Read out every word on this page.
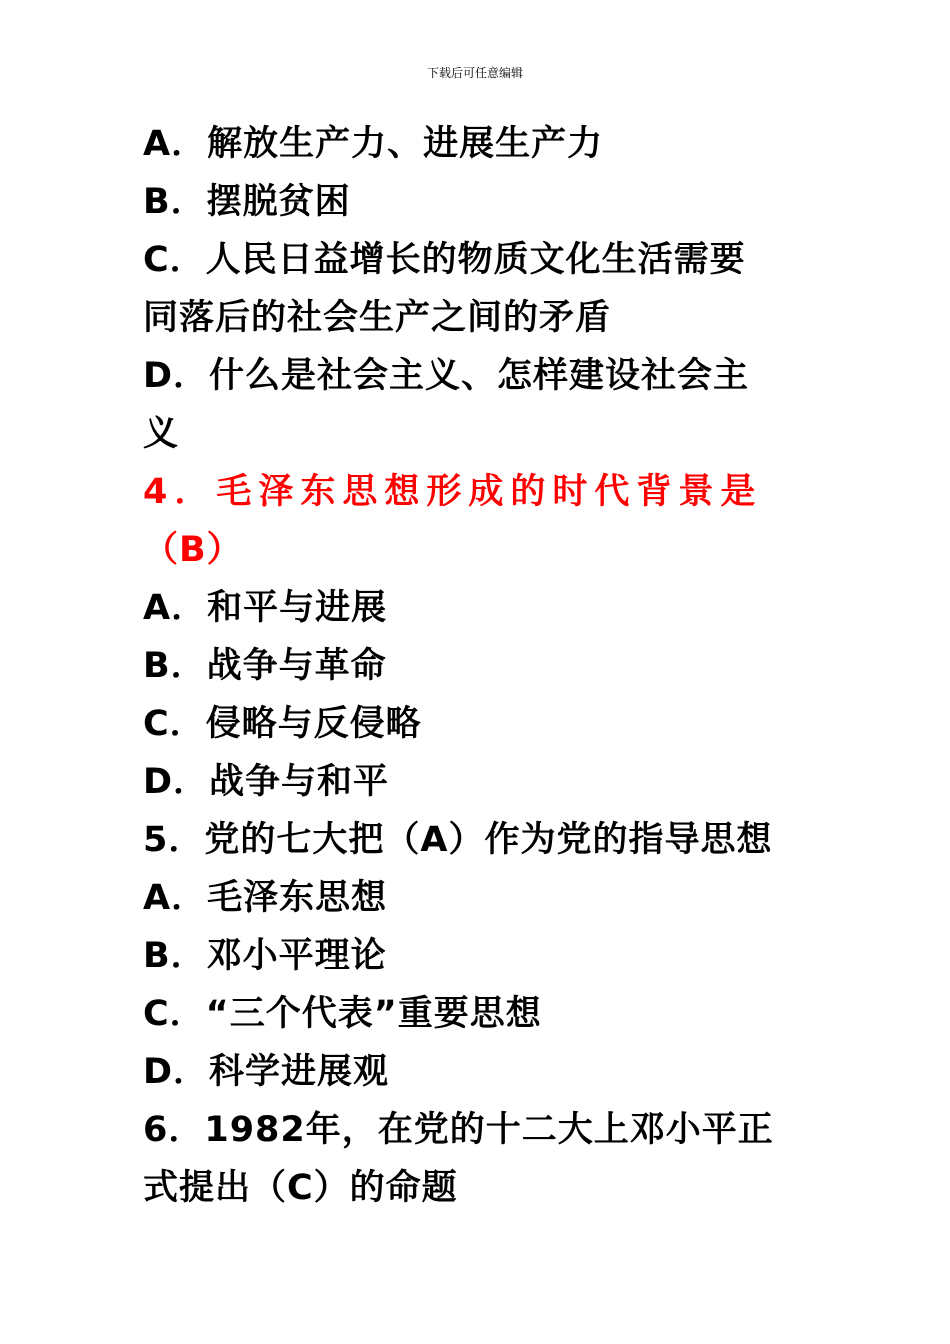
下载后可任意编辑
A．解放生产力、进展生产力
B．摆脱贫困
C．人民日益增长的物质文化生活需要
同落后的社会生产之间的矛盾
D．什么是社会主义、怎样建设社会主
义
4．毛泽东思想形成的时代背景是
（B）
A．和平与进展
B．战争与革命
C．侵略与反侵略
D．战争与和平
5．党的七大把（A）作为党的指导思想
A．毛泽东思想
B．邓小平理论
C．“三个代表”重要思想
D．科学进展观
6．1982年，在党的十二大上邓小平正
式提出（C）的命题
